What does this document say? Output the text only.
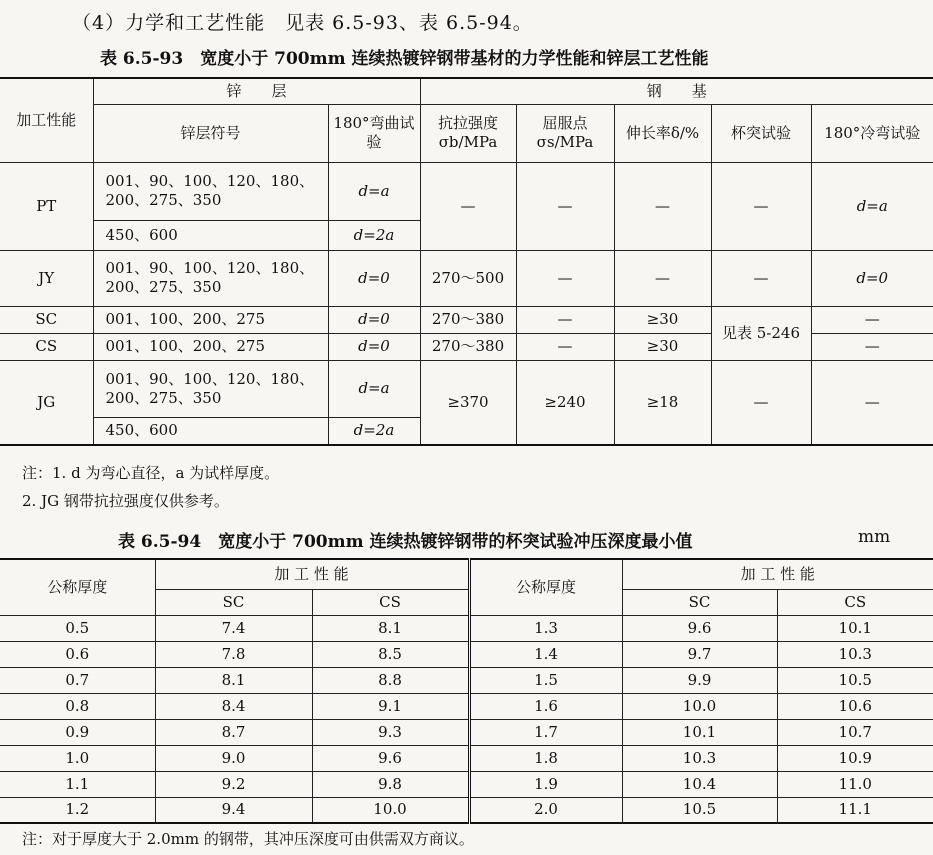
（4）力学和工艺性能　见表 6.5-93、表 6.5-94。
表 6.5-93　宽度小于 700mm 连续热镀锌钢带基材的力学性能和锌层工艺性能
加工性能	锌　　层		钢　　基				
	锌层符号	180°弯曲试验	抗拉强度σb/MPa	屈服点σs/MPa	伸长率δ/%	杯突试验	180°冷弯试验
PT	001、90、100、120、180、200、275、350	d=a	—	—	—	—	d=a
	450、600	d=2a					
JY	001、90、100、120、180、200、275、350	d=0	270～500	—	—	—	d=0
SC	001、100、200、275	d=0	270～380	—	≥30	见表 5-246	—
CS	001、100、200、275	d=0	270～380	—	≥30		—
JG	001、90、100、120、180、200、275、350	d=a	≥370	≥240	≥18	—	—
	450、600	d=2a					
注：1. d 为弯心直径，a 为试样厚度。
2. JG 钢带抗拉强度仅供参考。
表 6.5-94　宽度小于 700mm 连续热镀锌钢带的杯突试验冲压深度最小值	mm
公称厚度	加 工 性 能		公称厚度	加 工 性 能	
	SC	CS		SC	CS
0.5	7.4	8.1	1.3	9.6	10.1
0.6	7.8	8.5	1.4	9.7	10.3
0.7	8.1	8.8	1.5	9.9	10.5
0.8	8.4	9.1	1.6	10.0	10.6
0.9	8.7	9.3	1.7	10.1	10.7
1.0	9.0	9.6	1.8	10.3	10.9
1.1	9.2	9.8	1.9	10.4	11.0
1.2	9.4	10.0	2.0	10.5	11.1
注：对于厚度大于 2.0mm 的钢带，其冲压深度可由供需双方商议。
